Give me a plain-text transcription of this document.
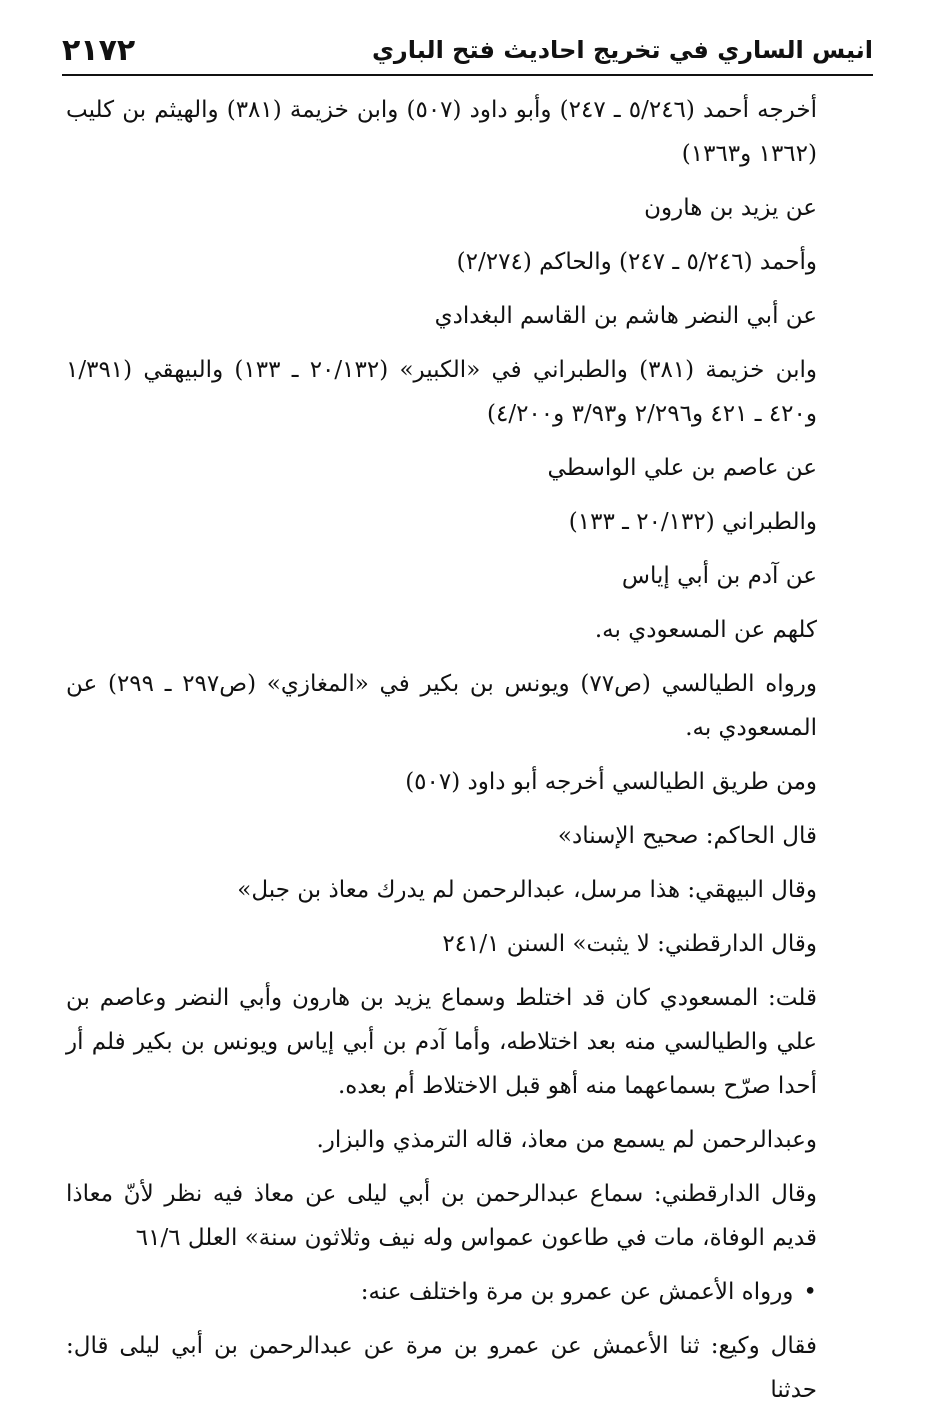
انيس الساري في تخريج احاديث فتح الباري
٢١٧٢

أخرجه أحمد (٥/٢٤٦ ـ ٢٤٧) وأبو داود (٥٠٧) وابن خزيمة (٣٨١) والهيثم بن كليب (١٣٦٢ و١٣٦٣)

عن يزيد بن هارون

وأحمد (٥/٢٤٦ ـ ٢٤٧) والحاكم (٢/٢٧٤)

عن أبي النضر هاشم بن القاسم البغدادي

وابن خزيمة (٣٨١) والطبراني في «الكبير» (٢٠/١٣٢ ـ ١٣٣) والبيهقي (١/٣٩١ و٤٢٠ ـ ٤٢١ و٢/٢٩٦ و٣/٩٣ و٤/٢٠٠)

عن عاصم بن علي الواسطي

والطبراني (٢٠/١٣٢ ـ ١٣٣)

عن آدم بن أبي إياس

كلهم عن المسعودي به.

ورواه الطيالسي (ص٧٧) ويونس بن بكير في «المغازي» (ص٢٩٧ ـ ٢٩٩) عن المسعودي به.

ومن طريق الطيالسي أخرجه أبو داود (٥٠٧)

قال الحاكم: صحيح الإسناد»

وقال البيهقي: هذا مرسل، عبدالرحمن لم يدرك معاذ بن جبل»

وقال الدارقطني: لا يثبت» السنن ٢٤١/١

قلت: المسعودي كان قد اختلط وسماع يزيد بن هارون وأبي النضر وعاصم بن علي والطيالسي منه بعد اختلاطه، وأما آدم بن أبي إياس ويونس بن بكير فلم أر أحدا صرّح بسماعهما منه أهو قبل الاختلاط أم بعده.

وعبدالرحمن لم يسمع من معاذ، قاله الترمذي والبزار.

وقال الدارقطني: سماع عبدالرحمن بن أبي ليلى عن معاذ فيه نظر لأنّ معاذا قديم الوفاة، مات في طاعون عمواس وله نيف وثلاثون سنة» العلل ٦١/٦

•ورواه الأعمش عن عمرو بن مرة واختلف عنه:

فقال وكيع: ثنا الأعمش عن عمرو بن مرة عن عبدالرحمن بن أبي ليلى قال: حدثنا
